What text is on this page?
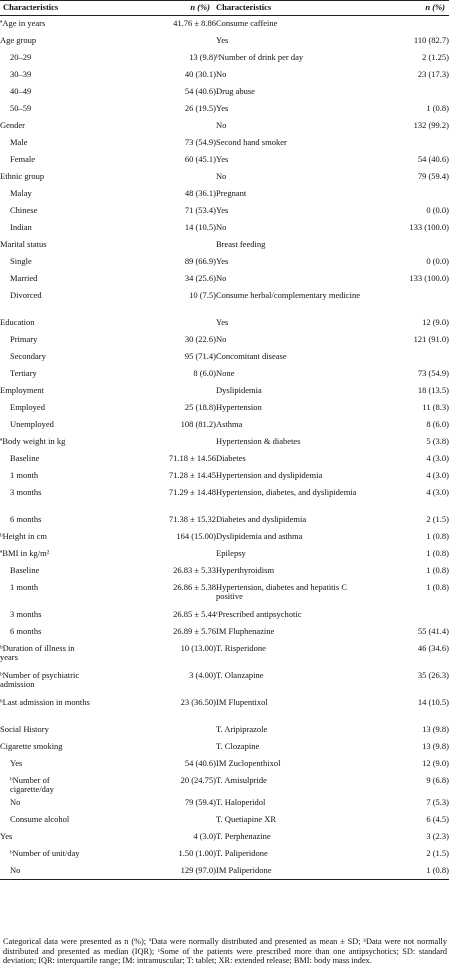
Characteristics	n (%)	Characteristics	n (%)
ªAge in years	41.76 ± 8.86	Consume caffeine	
Age group		Yes	110 (82.7)
20–29	13 (9.8)	ᵇNumber of drink per day	2 (1.25)
30–39	40 (30.1)	No	23 (17.3)
40–49	54 (40.6)	Drug abuse	
50–59	26 (19.5)	Yes	1 (0.8)
Gender		No	132 (99.2)
Male	73 (54.9)	Second hand smoker	
Female	60 (45.1)	Yes	54 (40.6)
Ethnic group		No	79 (59.4)
Malay	48 (36.1)	Pregnant	
Chinese	71 (53.4)	Yes	0 (0.0)
Indian	14 (10.5)	No	133 (100.0)
Marital status		Breast feeding	
Single	89 (66.9)	Yes	0 (0.0)
Married	34 (25.6)	No	133 (100.0)
Divorced	10 (7.5)	Consume herbal/complementary medicine	
Education		Yes	12 (9.0)
Primary	30 (22.6)	No	121 (91.0)
Secondary	95 (71.4)	Concomitant disease	
Tertiary	8 (6.0)	None	73 (54.9)
Employment		Dyslipidemia	18 (13.5)
Employed	25 (18.8)	Hypertension	11 (8.3)
Unemployed	108 (81.2)	Asthma	8 (6.0)
ªBody weight in kg		Hypertension & diabetes	5 (3.8)
Baseline	71.18 ± 14.56	Diabetes	4 (3.0)
1 month	71.28 ± 14.45	Hypertension and dyslipidemia	4 (3.0)
3 months	71.29 ± 14.48	Hypertension, diabetes, and dyslipidemia	4 (3.0)
6 months	71.38 ± 15.32	Diabetes and dyslipidemia	2 (1.5)
ᵇHeight in cm	164 (15.00)	Dyslipidemia and asthma	1 (0.8)
ªBMI in kg/m²		Epilepsy	1 (0.8)
Baseline	26.83 ± 5.33	Hyperthyroidism	1 (0.8)
1 month	26.86 ± 5.38	Hypertension, diabetes and hepatitis C positive	1 (0.8)
3 months	26.85 ± 5.44	ᶜPrescribed antipsychotic	
6 months	26.89 ± 5.76	IM Fluphenazine	55 (41.4)
ᵇDuration of illness in years	10 (13.00)	T. Risperidone	46 (34.6)
ᵇNumber of psychiatric admission	3 (4.00)	T. Olanzapine	35 (26.3)
ᵇLast admission in months	23 (36.50)	IM Flupentixol	14 (10.5)
Social History		T. Aripiprazole	13 (9.8)
Cigarette smoking		T. Clozapine	13 (9.8)
Yes	54 (40.6)	IM Zuclopenthixol	12 (9.0)
ᵇNumber of cigarette/day	20 (24.75)	T. Amisulpride	9 (6.8)
No	79 (59.4)	T. Haloperidol	7 (5.3)
Consume alcohol		T. Quetiapine XR	6 (4.5)
Yes	4 (3.0)	T. Perphenazine	3 (2.3)
ᵇNumber of unit/day	1.50 (1.00)	T. Paliperidone	2 (1.5)
No	129 (97.0)	IM Paliperidone	1 (0.8)
Categorical data were presented as n (%); ªData were normally distributed and presented as mean ± SD; ᵇData were not normally distributed and presented as median (IQR); ᶜSome of the patients were prescribed more than one antipsychotics; SD: standard deviation; IQR: interquartile range; IM: intramuscular; T: tablet; XR: extended release; BMI: body mass index.
